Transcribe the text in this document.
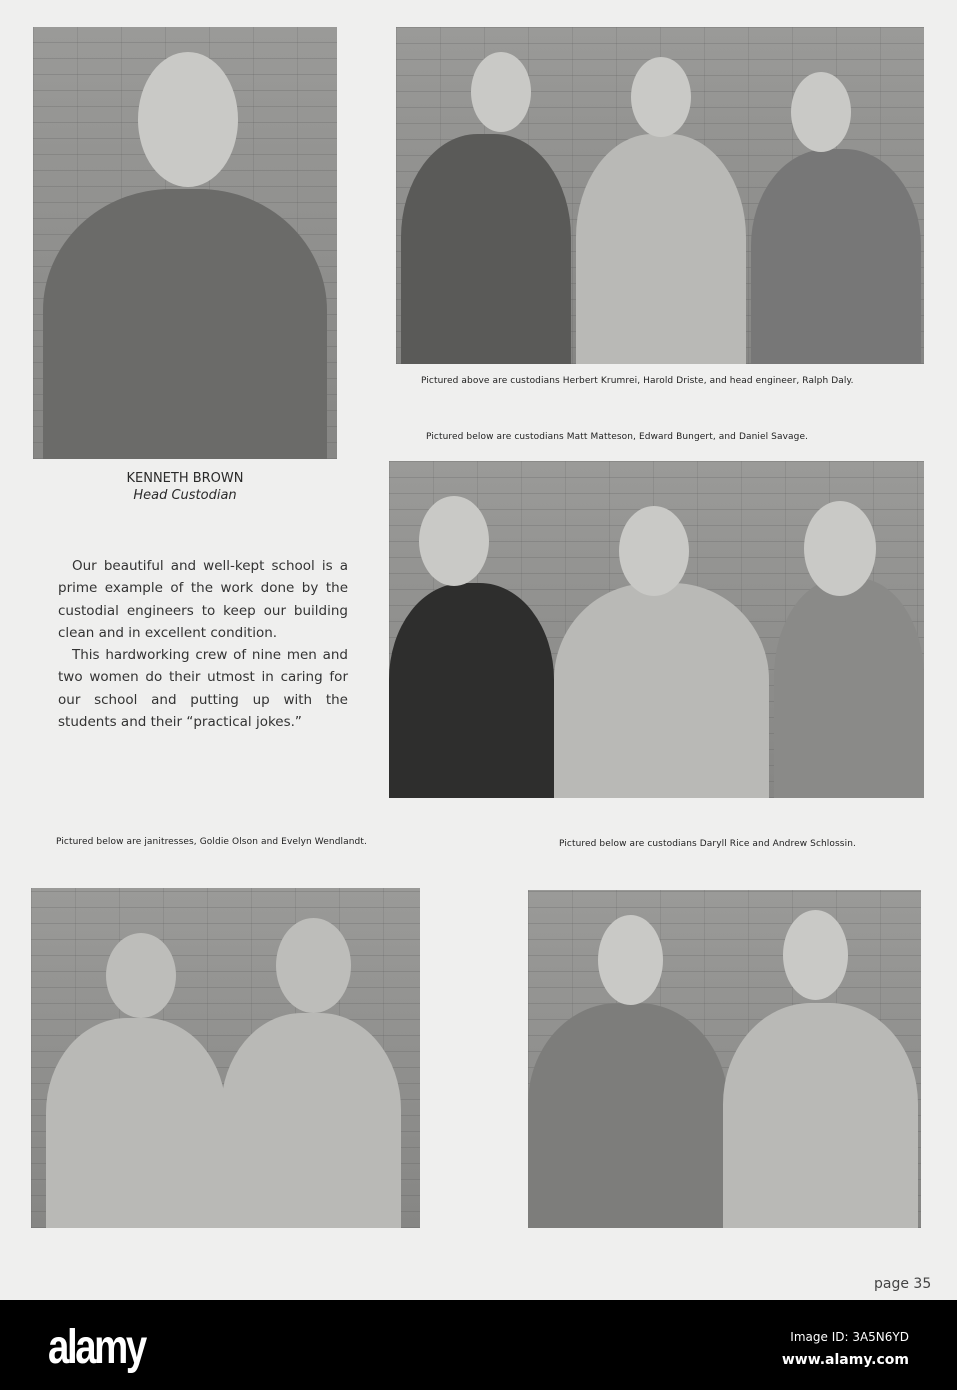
Pictured above are custodians Herbert Krumrei, Harold Driste, and head engineer, Ralph Daly.
Pictured below are custodians Matt Matteson, Edward Bungert, and Daniel Savage.
KENNETH BROWN
Head Custodian

Our beautiful and well-kept school is a prime example of the work done by the custodial engineers to keep our building clean and in excellent condition.

This hardworking crew of nine men and two women do their utmost in caring for our school and putting up with the students and their “practical jokes.”

Pictured below are janitresses, Goldie Olson and Evelyn Wendlandt.	Pictured below are custodians Daryll Rice and Andrew Schlossin.
page 35
alamy	Image ID: 3A5N6YD
www.alamy.com
